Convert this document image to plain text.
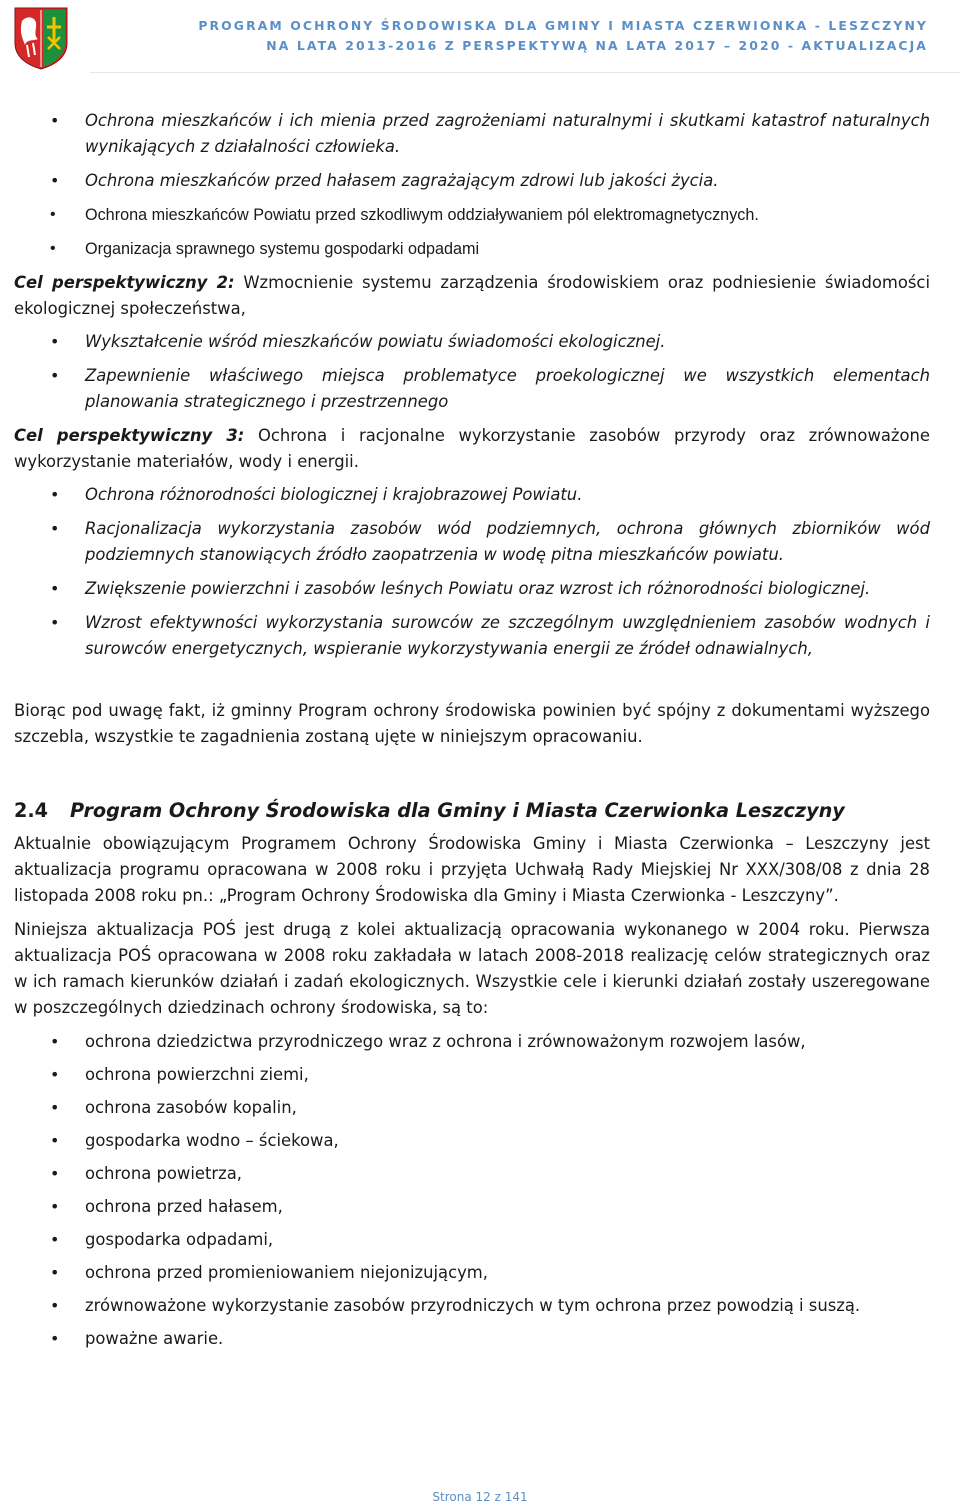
PROGRAM OCHRONY ŚRODOWISKA DLA GMINY I MIASTA CZERWIONKA - LESZCZYNY
NA LATA 2013-2016 Z PERSPEKTYWĄ NA LATA 2017 – 2020 - AKTUALIZACJA
• Ochrona mieszkańców i ich mienia przed zagrożeniami naturalnymi i skutkami katastrof naturalnych wynikających z działalności człowieka.
• Ochrona mieszkańców przed hałasem zagrażającym zdrowi lub jakości życia.
• Ochrona mieszkańców Powiatu przed szkodliwym oddziaływaniem pól elektromagnetycznych.
• Organizacja sprawnego systemu gospodarki odpadami
Cel perspektywiczny 2: Wzmocnienie systemu zarządzenia środowiskiem oraz podniesienie świadomości ekologicznej społeczeństwa,
• Wykształcenie wśród mieszkańców powiatu świadomości ekologicznej.
• Zapewnienie właściwego miejsca problematyce proekologicznej we wszystkich elementach planowania strategicznego i przestrzennego
Cel perspektywiczny 3: Ochrona i racjonalne wykorzystanie zasobów przyrody oraz zrównoważone wykorzystanie materiałów, wody i energii.
• Ochrona różnorodności biologicznej i krajobrazowej Powiatu.
• Racjonalizacja wykorzystania zasobów wód podziemnych, ochrona głównych zbiorników wód podziemnych stanowiących źródło zaopatrzenia w wodę pitna mieszkańców powiatu.
• Zwiększenie powierzchni i zasobów leśnych Powiatu oraz wzrost ich różnorodności biologicznej.
• Wzrost efektywności wykorzystania surowców ze szczególnym uwzględnieniem zasobów wodnych i surowców energetycznych, wspieranie wykorzystywania energii ze źródeł odnawialnych,
Biorąc pod uwagę fakt, iż gminny Program ochrony środowiska powinien być spójny z dokumentami wyższego szczebla, wszystkie te zagadnienia zostaną ujęte w niniejszym opracowaniu.
2.4 Program Ochrony Środowiska dla Gminy i Miasta Czerwionka Leszczyny
Aktualnie obowiązującym Programem Ochrony Środowiska Gminy i Miasta Czerwionka – Leszczyny jest aktualizacja programu opracowana w 2008 roku i przyjęta Uchwałą Rady Miejskiej Nr XXX/308/08 z dnia 28 listopada 2008 roku pn.: „Program Ochrony Środowiska dla Gminy i Miasta Czerwionka - Leszczyny”.
Niniejsza aktualizacja POŚ jest drugą z kolei aktualizacją opracowania wykonanego w 2004 roku. Pierwsza aktualizacja POŚ opracowana w 2008 roku zakładała w latach 2008-2018 realizację celów strategicznych oraz w ich ramach kierunków działań i zadań ekologicznych. Wszystkie cele i kierunki działań zostały uszeregowane w poszczególnych dziedzinach ochrony środowiska, są to:
• ochrona dziedzictwa przyrodniczego wraz z ochrona i zrównoważonym rozwojem lasów,
• ochrona powierzchni ziemi,
• ochrona zasobów kopalin,
• gospodarka wodno – ściekowa,
• ochrona powietrza,
• ochrona przed hałasem,
• gospodarka odpadami,
• ochrona przed promieniowaniem niejonizującym,
• zrównoważone wykorzystanie zasobów przyrodniczych w tym ochrona przez powodzią i suszą.
• poważne awarie.
Strona 12 z 141
